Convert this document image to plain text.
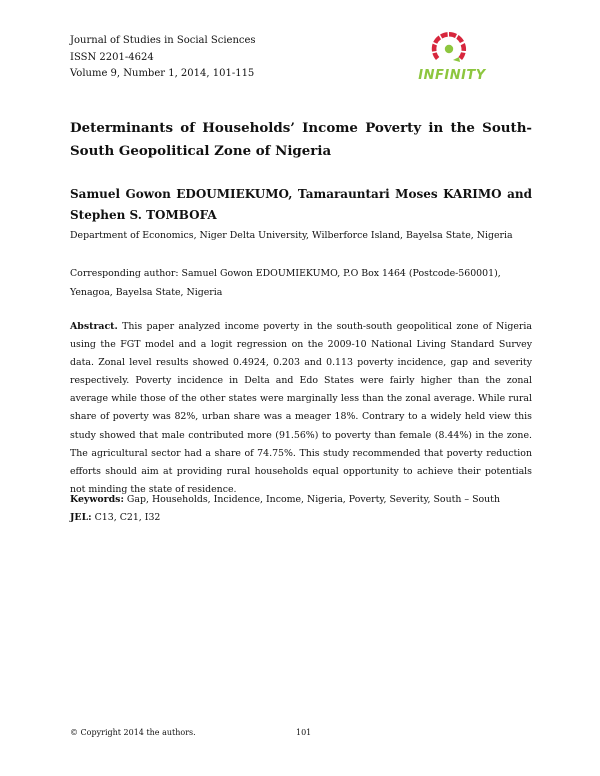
Journal of Studies in Social Sciences
ISSN 2201-4624
Volume 9, Number 1, 2014, 101-115	INFINITY
Determinants of Households’ Income Poverty in the South-South Geopolitical Zone of Nigeria
Samuel Gowon EDOUMIEKUMO, Tamarauntari Moses KARIMO and Stephen S. TOMBOFA
Department of Economics, Niger Delta University, Wilberforce Island, Bayelsa State, Nigeria
Corresponding author: Samuel Gowon EDOUMIEKUMO, P.O Box 1464 (Postcode-560001), Yenagoa, Bayelsa State, Nigeria
Abstract. This paper analyzed income poverty in the south-south geopolitical zone of Nigeria using the FGT model and a logit regression on the 2009-10 National Living Standard Survey data. Zonal level results showed 0.4924, 0.203 and 0.113 poverty incidence, gap and severity respectively. Poverty incidence in Delta and Edo States were fairly higher than the zonal average while those of the other states were marginally less than the zonal average. While rural share of poverty was 82%, urban share was a meager 18%. Contrary to a widely held view this study showed that male contributed more (91.56%) to poverty than female (8.44%) in the zone. The agricultural sector had a share of 74.75%. This study recommended that poverty reduction efforts should aim at providing rural households equal opportunity to achieve their potentials not minding the state of residence.
Keywords: Gap, Households, Incidence, Income, Nigeria, Poverty, Severity, South – South
JEL: C13, C21, I32
© Copyright 2014 the authors.	101
